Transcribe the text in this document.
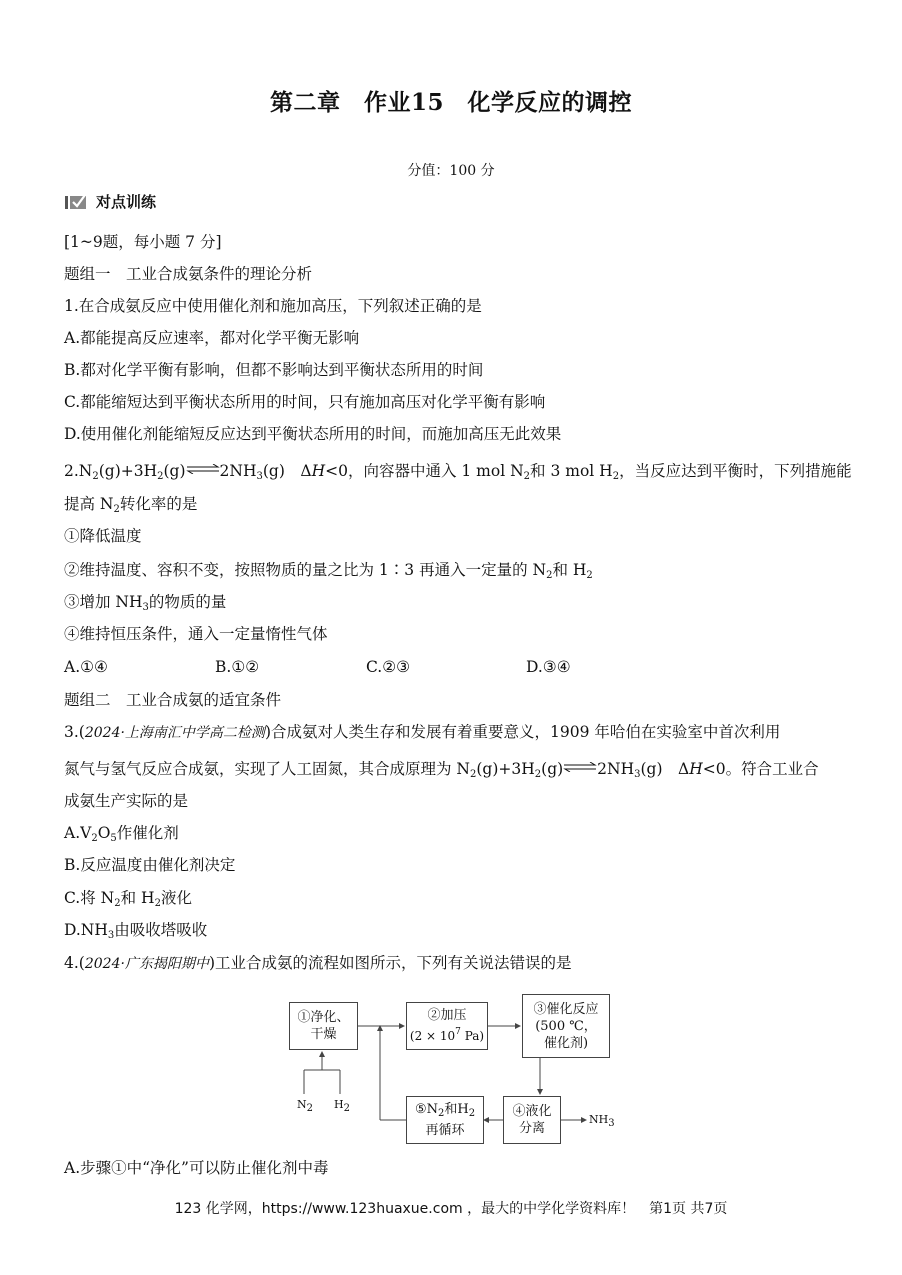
第二章　作业15　化学反应的调控
分值：100 分
对点训练
[1~9题，每小题 7 分]
题组一　工业合成氨条件的理论分析
1.在合成氨反应中使用催化剂和施加高压，下列叙述正确的是
A.都能提高反应速率，都对化学平衡无影响
B.都对化学平衡有影响，但都不影响达到平衡状态所用的时间
C.都能缩短达到平衡状态所用的时间，只有施加高压对化学平衡有影响
D.使用催化剂能缩短反应达到平衡状态所用的时间，而施加高压无此效果
$2.N_2(g)+3H_2(g)\rightleftharpoons 2NH_3(g)$　ΔH<0，向容器中通入 1 mol $N_2$和 3 mol $H_2$，当反应达到平衡时，下列措施能
提高 $N_2$转化率的是
①降低温度
②维持温度、容积不变，按照物质的量之比为 1∶3 再通入一定量的 $N_2$和 $H_2$
③增加 $NH_3$的物质的量
④维持恒压条件，通入一定量惰性气体
A.①④	B.①②	C.②③	D.③④
题组二　工业合成氨的适宜条件
3.(2024·上海南汇中学高二检测)合成氨对人类生存和发展有着重要意义，1909 年哈伯在实验室中首次利用
氮气与氢气反应合成氨，实现了人工固氮，其合成原理为 $N_2(g)+3H_2(g)\rightleftharpoons 2NH_3(g)$　ΔH<0。符合工业合
成氨生产实际的是
$A.V_2O_5$作催化剂
B.反应温度由催化剂决定
C.将 $N_2$和 $H_2$液化
$D.NH_3$由吸收塔吸收
4.(2024·广东揭阳期中)工业合成氨的流程如图所示，下列有关说法错误的是
①净化、
干燥
②加压
($2 \times 10^7$ Pa)
③催化反应
(500 ℃，
催化剂)
④液化
分离
$⑤N_2$和$H_2$
再循环
N2 H2
NH3
A.步骤①中“净化”可以防止催化剂中毒
123 化学网，https://www.123huaxue.com ，最大的中学化学资料库！　第1页 共7页
